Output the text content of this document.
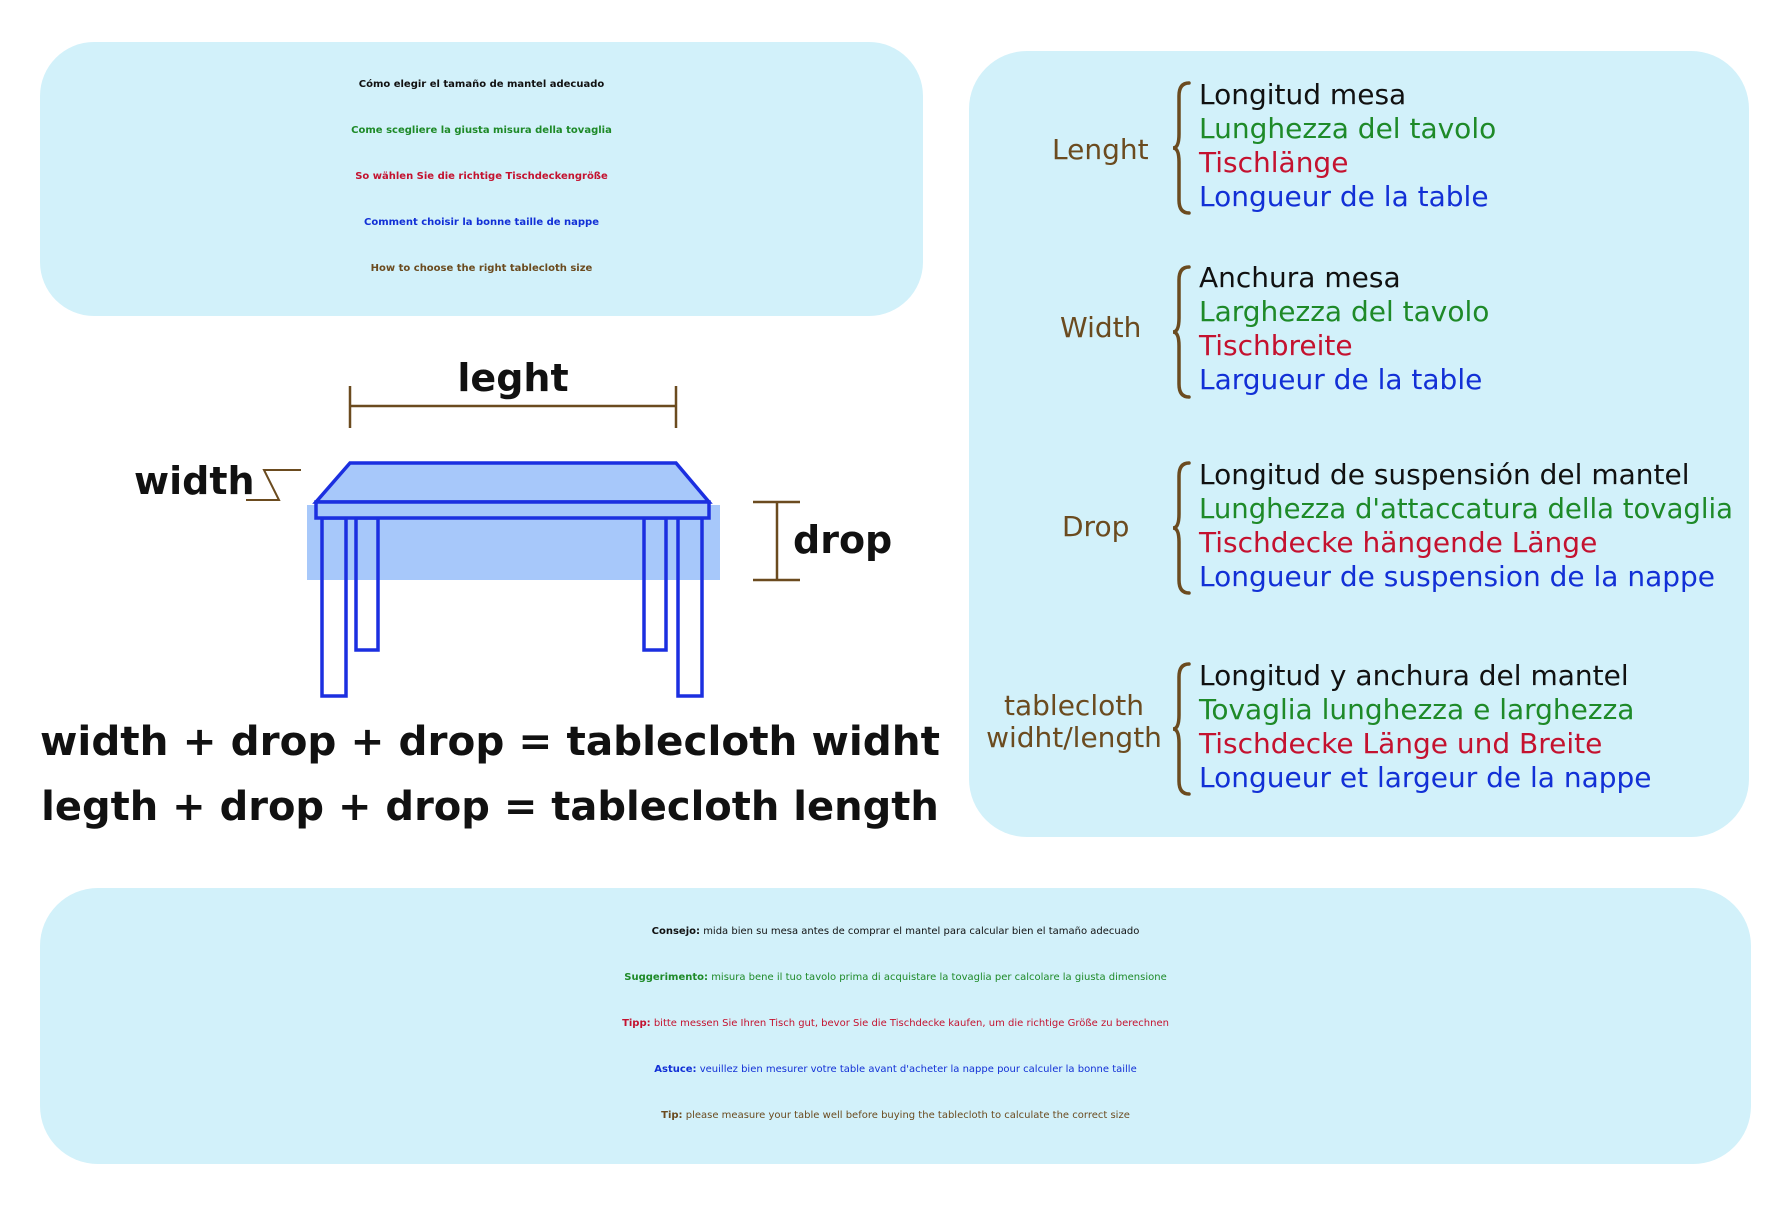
Cómo elegir el tamaño de mantel adecuado
Come scegliere la giusta misura della tovaglia
So wählen Sie die richtige Tischdeckengröße
Comment choisir la bonne taille de nappe
How to choose the right tablecloth size
leght
width
drop
width + drop + drop = tablecloth widht
legth + drop + drop = tablecloth length
Lenght
Longitud mesa
Lunghezza del tavolo
Tischlänge
Longueur de la table
Width
Anchura mesa
Larghezza del tavolo
Tischbreite
Largueur de la table
Drop
Longitud de suspensión del mantel
Lunghezza d'attaccatura della tovaglia
Tischdecke hängende Länge
Longueur de suspension de la nappe
tablecloth
widht/length
Longitud y anchura del mantel
Tovaglia lunghezza e larghezza
Tischdecke Länge und Breite
Longueur et largeur de la nappe
Consejo: mida bien su mesa antes de comprar el mantel para calcular bien el tamaño adecuado
Suggerimento: misura bene il tuo tavolo prima di acquistare la tovaglia per calcolare la giusta dimensione
Tipp: bitte messen Sie Ihren Tisch gut, bevor Sie die Tischdecke kaufen, um die richtige Größe zu berechnen
Astuce: veuillez bien mesurer votre table avant d'acheter la nappe pour calculer la bonne taille
Tip: please measure your table well before buying the tablecloth to calculate the correct size
